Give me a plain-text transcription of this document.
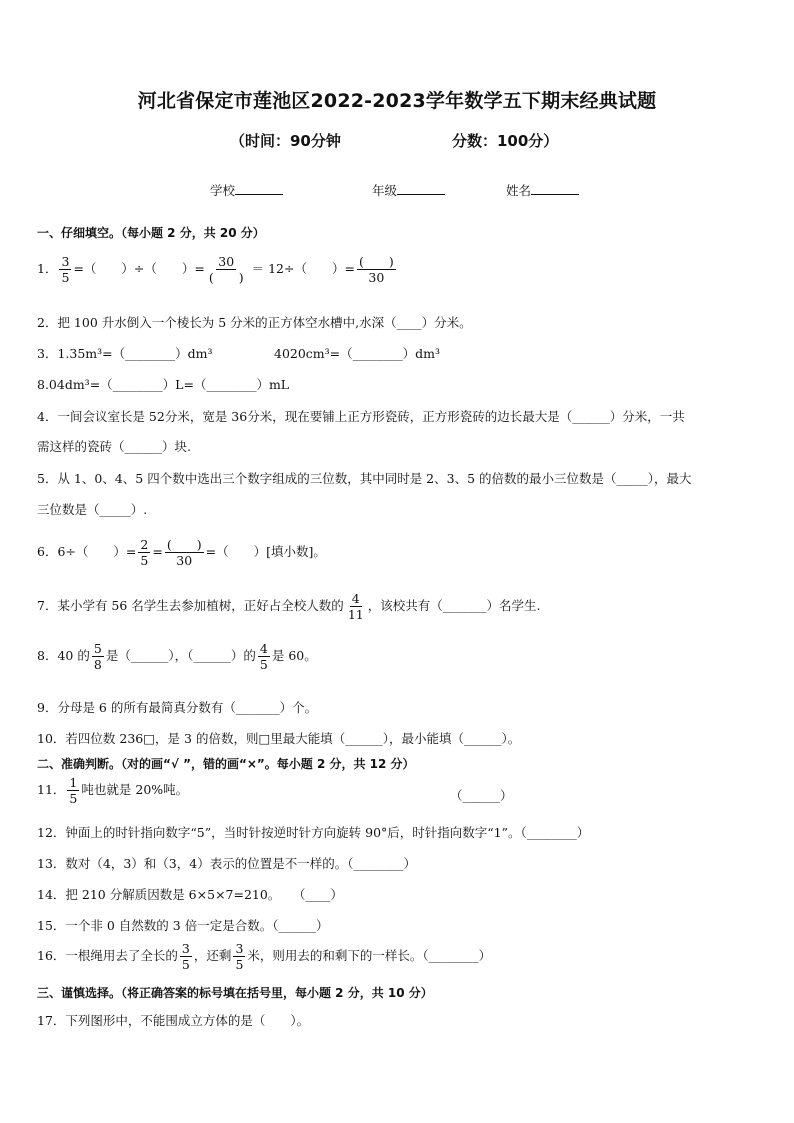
河北省保定市莲池区2022-2023学年数学五下期末经典试题
（时间：90分钟	分数：100分）
学校	年级	姓名
一、仔细填空。（每小题 2 分，共 20 分）
1． $\frac{3}{5}$ =（　　）÷（　　）= $\frac{30}{( )} = 12\div$（　　）= $\frac{( )}{30}$
2．把 100 升水倒入一个棱长为 5 分米的正方体空水槽中,水深（____）分米。
3．1.35m³=（________）dm³	4020cm³=（________）dm³
8.04dm³=（________）L=（________）mL
4．一间会议室长是 52分米，宽是 36分米，现在要铺上正方形瓷砖，正方形瓷砖的边长最大是（______）分米，一共
需这样的瓷砖（______）块.
5．从 1、0、4、5 四个数中选出三个数字组成的三位数，其中同时是 2、3、5 的倍数的最小三位数是（_____），最大
三位数是（_____）.
6．6÷（　　）= $\frac{2}{5} = \frac{( )}{30}$ =（　　）[填小数]。
7．某小学有 56 名学生去参加植树，正好占全校人数的 $\frac{4}{11}$ ，该校共有（_______）名学生.
8．40 的 $\frac{5}{8}$ 是（______），（______）的 $\frac{4}{5}$ 是 60。
9．分母是 6 的所有最简真分数有（_______）个。
10．若四位数 236□，是 3 的倍数，则□里最大能填（______），最小能填（______）。
二、准确判断。（对的画“√ ”，错的画“×”。每小题 2 分，共 12 分）
11． $\frac{1}{5}$ 吨也就是 20%吨。	（______）
12．钟面上的时针指向数字“5”，当时针按逆时针方向旋转 90°后，时针指向数字“1”。（________）
13．数对（4，3）和（3，4）表示的位置是不一样的。（________）
14．把 210 分解质因数是 6×5×7=210。　　（____）
15．一个非 0 自然数的 3 倍一定是合数。（______）
16．一根绳用去了全长的 $\frac{3}{5}$ ，还剩 $\frac{3}{5}$ 米，则用去的和剩下的一样长。（________）
三、谨慎选择。（将正确答案的标号填在括号里，每小题 2 分，共 10 分）
17．下列图形中，不能围成立方体的是（　　）。
